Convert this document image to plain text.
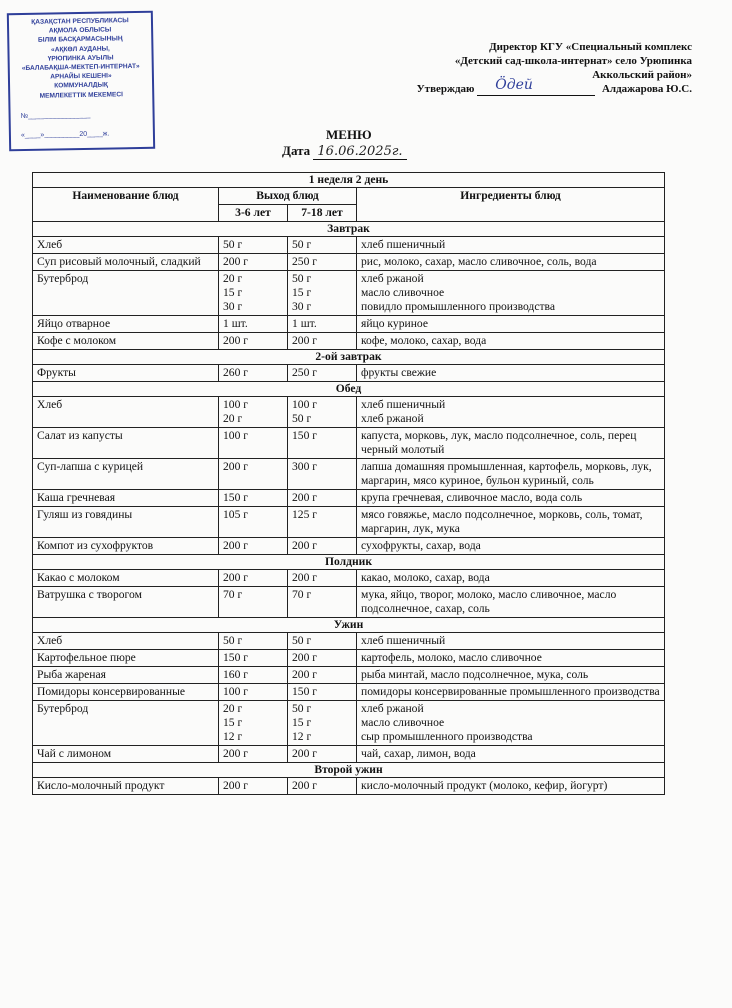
ҚАЗАҚСТАН РЕСПУБЛИКАСЫ
АҚМОЛА ОБЛЫСЫ
БІЛІМ БАСҚАРМАСЫНЫҢ
«АҚКӨЛ АУДАНЫ,
ҮРЮПИНКА АУЫЛЫ
«БАЛАБАҚША-МЕКТЕП-ИНТЕРНАТ»
АРНАЙЫ КЕШЕНІ»
КОММУНАЛДЫҚ
МЕМЛЕКЕТТІК МЕКЕМЕСІ
№________________
«____»_________20____ж.
Директор КГУ «Специальный комплекс
«Детский сад-школа-интернат» село Урюпинка
Аккольский район»
Утверждаю Ӧдей	Алдажарова Ю.С.
МЕНЮ
Дата 16.06.2025г.
1 неделя 2 день			
Наименование блюд	Выход блюд		Ингредиенты блюд
	3-6 лет	7-18 лет	
Завтрак			
Хлеб	50 г	50 г	хлеб пшеничный
Суп рисовый молочный, сладкий	200 г	250 г	рис, молоко, сахар, масло сливочное, соль, вода
Бутерброд	20 г
15 г
30 г	50 г
15 г
30 г	хлеб ржаной
масло сливочное
повидло промышленного производства
Яйцо отварное	1 шт.	1 шт.	яйцо куриное
Кофе с молоком	200 г	200 г	кофе, молоко, сахар, вода
2-ой завтрак			
Фрукты	260 г	250 г	фрукты свежие
Обед			
Хлеб	100 г
20 г	100 г
50 г	хлеб пшеничный
хлеб ржаной
Салат из капусты	100 г	150 г	капуста, морковь, лук, масло подсолнечное, соль, перец черный молотый
Суп-лапша с курицей	200 г	300 г	лапша домашняя промышленная, картофель, морковь, лук, маргарин, мясо куриное, бульон куриный, соль
Каша гречневая	150 г	200 г	крупа гречневая, сливочное масло, вода соль
Гуляш из говядины	105 г	125 г	мясо говяжье, масло подсолнечное, морковь, соль, томат, маргарин, лук, мука
Компот из сухофруктов	200 г	200 г	сухофрукты, сахар, вода
Полдник			
Какао с молоком	200 г	200 г	какао, молоко, сахар, вода
Ватрушка с творогом	70 г	70 г	мука, яйцо, творог, молоко, масло сливочное, масло подсолнечное, сахар, соль
Ужин			
Хлеб	50 г	50 г	хлеб пшеничный
Картофельное пюре	150 г	200 г	картофель, молоко, масло сливочное
Рыба жареная	160 г	200 г	рыба минтай, масло подсолнечное, мука, соль
Помидоры консервированные	100 г	150 г	помидоры консервированные промышленного производства
Бутерброд	20 г
15 г
12 г	50 г
15 г
12 г	хлеб ржаной
масло сливочное
сыр промышленного производства
Чай с лимоном	200 г	200 г	чай, сахар, лимон, вода
Второй ужин			
Кисло-молочный продукт	200 г	200 г	кисло-молочный продукт (молоко, кефир, йогурт)
